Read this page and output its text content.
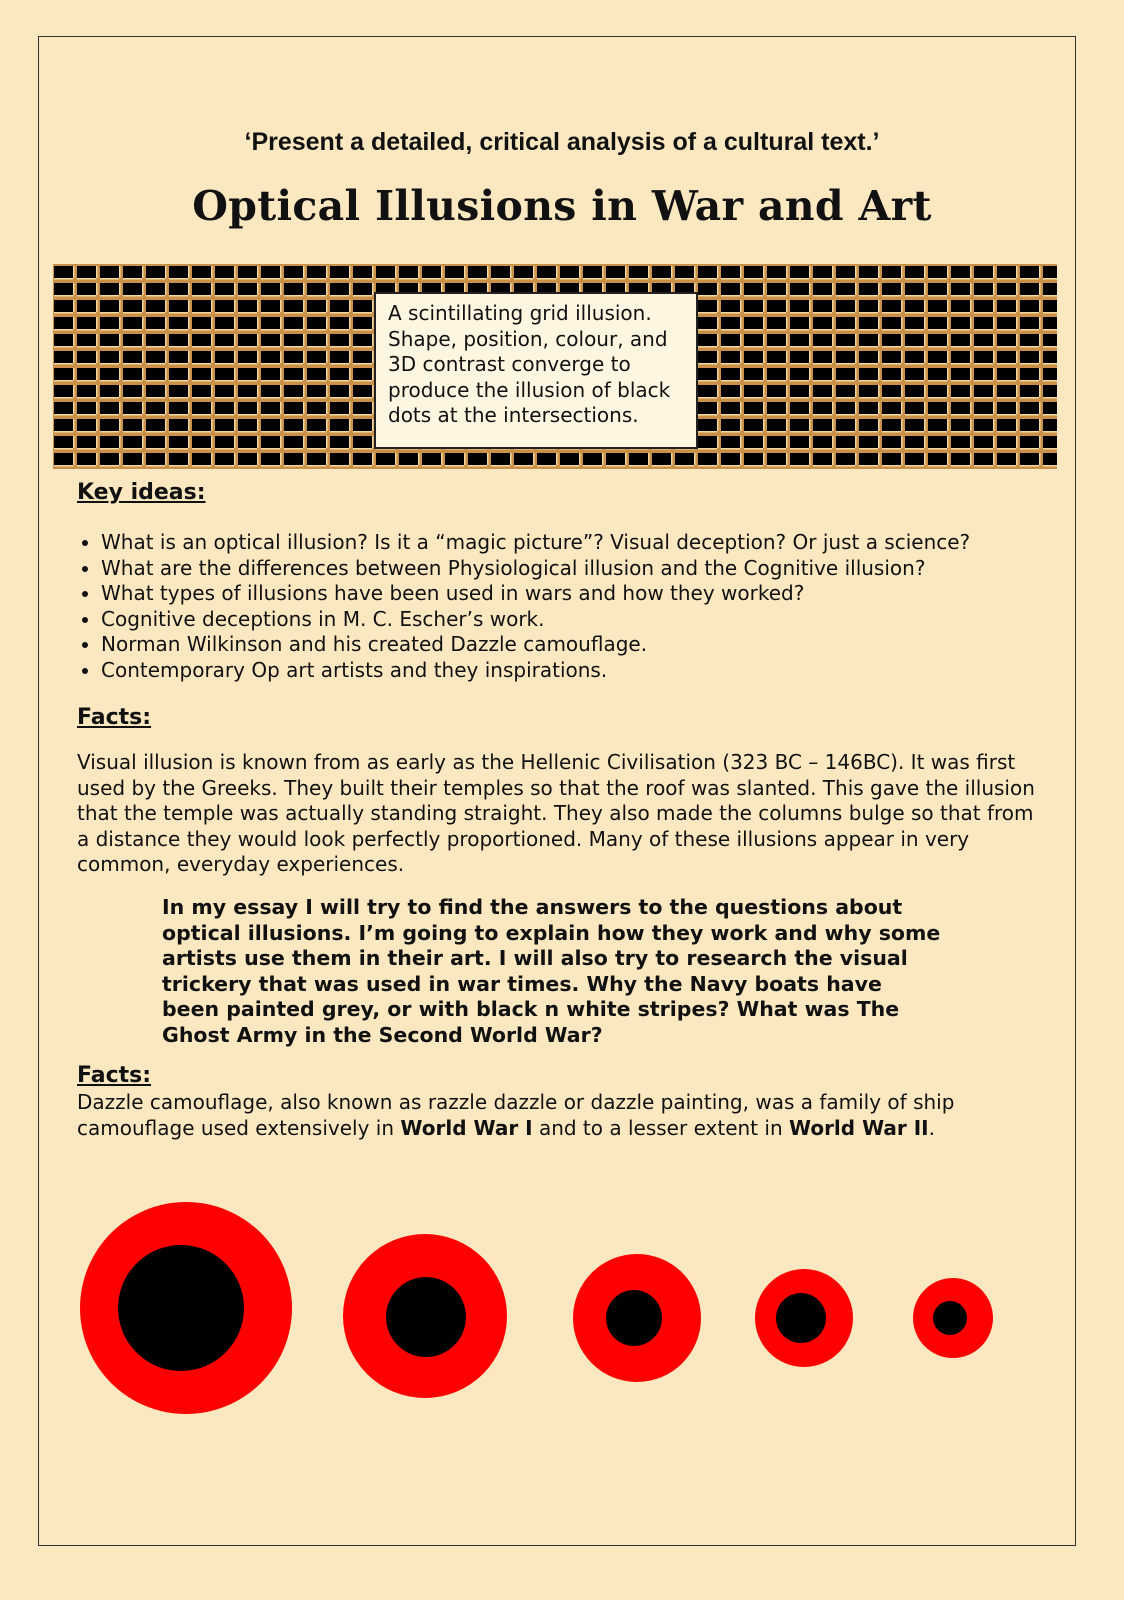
‘Present a detailed, critical analysis of a cultural text.’
Optical Illusions in War and Art
A scintillating grid illusion. Shape, position, colour, and 3D contrast converge to produce the illusion of black dots at the intersections.
Key ideas:
• What is an optical illusion? Is it a “magic picture”? Visual deception? Or just a science?
• What are the differences between Physiological illusion and the Cognitive illusion?
• What types of illusions have been used in wars and how they worked?
• Cognitive deceptions in M. C. Escher’s work.
• Norman Wilkinson and his created Dazzle camouflage.
• Contemporary Op art artists and they inspirations.
Facts:
Visual illusion is known from as early as the Hellenic Civilisation (323 BC – 146BC). It was first used by the Greeks. They built their temples so that the roof was slanted. This gave the illusion that the temple was actually standing straight. They also made the columns bulge so that from a distance they would look perfectly proportioned. Many of these illusions appear in very common, everyday experiences.
In my essay I will try to find the answers to the questions about optical illusions. I’m going to explain how they work and why some artists use them in their art. I will also try to research the visual trickery that was used in war times. Why the Navy boats have been painted grey, or with black n white stripes? What was The Ghost Army in the Second World War?
Facts:
Dazzle camouflage, also known as razzle dazzle or dazzle painting, was a family of ship camouflage used extensively in World War I and to a lesser extent in World War II.
